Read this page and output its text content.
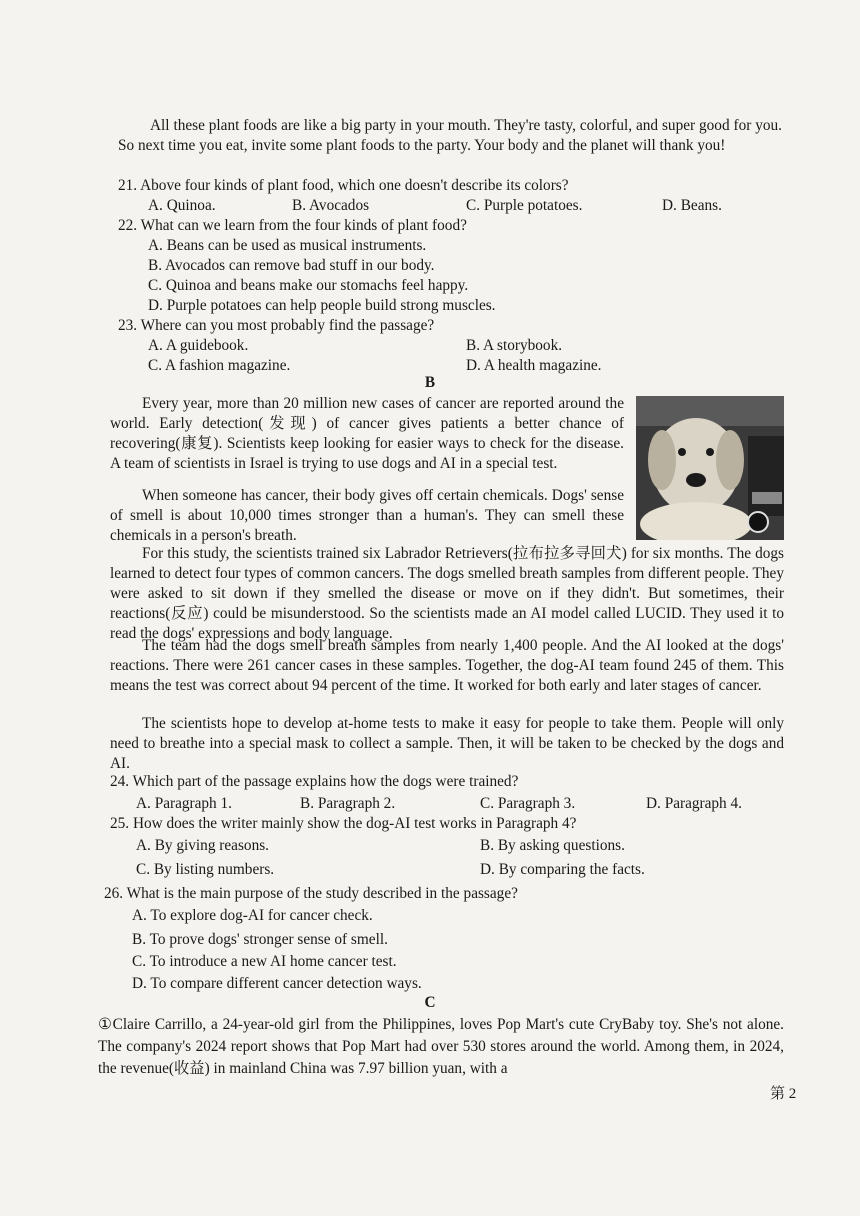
All these plant foods are like a big party in your mouth. They're tasty, colorful, and super good for you. So next time you eat, invite some plant foods to the party. Your body and the planet will thank you!
21. Above four kinds of plant food, which one doesn't describe its colors?
A. Quinoa.	B. Avocados	C. Purple potatoes.	D. Beans.
22. What can we learn from the four kinds of plant food?
A. Beans can be used as musical instruments.
B. Avocados can remove bad stuff in our body.
C. Quinoa and beans make our stomachs feel happy.
D. Purple potatoes can help people build strong muscles.
23. Where can you most probably find the passage?
A. A guidebook.	B. A storybook.
C. A fashion magazine.	D. A health magazine.
B
Every year, more than 20 million new cases of cancer are reported around the world. Early detection(发现) of cancer gives patients a better chance of recovering(康复). Scientists keep looking for easier ways to check for the disease. A team of scientists in Israel is trying to use dogs and AI in a special test.
When someone has cancer, their body gives off certain chemicals. Dogs' sense of smell is about 10,000 times stronger than a human's. They can smell these chemicals in a person's breath.
For this study, the scientists trained six Labrador Retrievers(拉布拉多寻回犬) for six months. The dogs learned to detect four types of common cancers. The dogs smelled breath samples from different people. They were asked to sit down if they smelled the disease or move on if they didn't. But sometimes, their reactions(反应) could be misunderstood. So the scientists made an AI model called LUCID. They used it to read the dogs' expressions and body language.
The team had the dogs smell breath samples from nearly 1,400 people. And the AI looked at the dogs' reactions. There were 261 cancer cases in these samples. Together, the dog-AI team found 245 of them. This means the test was correct about 94 percent of the time. It worked for both early and later stages of cancer.
The scientists hope to develop at-home tests to make it easy for people to take them. People will only need to breathe into a special mask to collect a sample. Then, it will be taken to be checked by the dogs and AI.
24. Which part of the passage explains how the dogs were trained?
A. Paragraph 1.	B. Paragraph 2.	C. Paragraph 3.	D. Paragraph 4.
25. How does the writer mainly show the dog-AI test works in Paragraph 4?
A. By giving reasons.	B. By asking questions.
C. By listing numbers.	D. By comparing the facts.
26. What is the main purpose of the study described in the passage?
A. To explore dog-AI for cancer check.
B. To prove dogs' stronger sense of smell.
C. To introduce a new AI home cancer test.
D. To compare different cancer detection ways.
C
①Claire Carrillo, a 24-year-old girl from the Philippines, loves Pop Mart's cute CryBaby toy. She's not alone. The company's 2024 report shows that Pop Mart had over 530 stores around the world. Among them, in 2024, the revenue(收益) in mainland China was 7.97 billion yuan, with a
第 2
